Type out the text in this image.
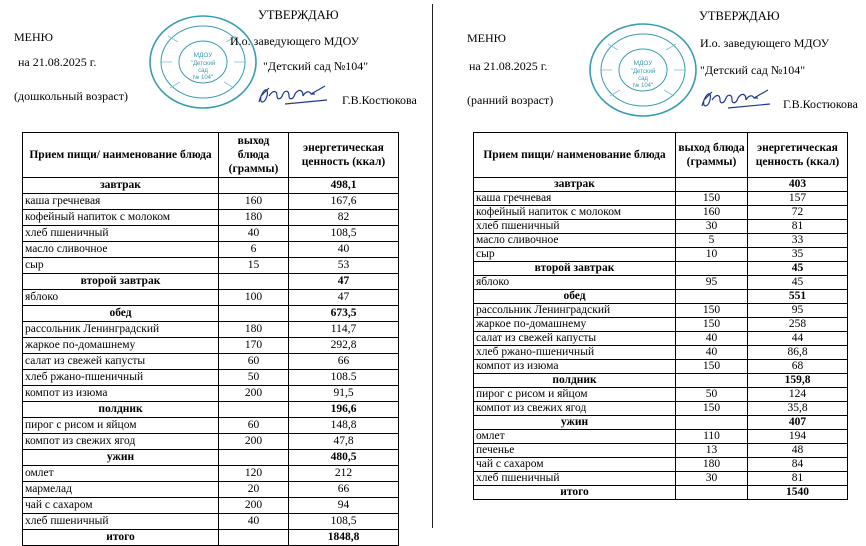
МЕНЮ
на 21.08.2025 г.
(дошкольный возраст)
МДОУ
"Детский
сад
№ 104"
УТВЕРЖДАЮ
И.о. заведующего МДОУ
"Детский сад №104"
Г.В.Костюкова
Прием пищи/ наименование блюда	выход блюда (граммы)	энергетическая ценность (ккал)
завтрак		498,1
каша гречневая	160	167,6
кофейный напиток с молоком	180	82
хлеб пшеничный	40	108,5
масло сливочное	6	40
сыр	15	53
второй завтрак		47
яблоко	100	47
обед		673,5
рассольник Ленинградский	180	114,7
жаркое по-домашнему	170	292,8
салат из свежей капусты	60	66
хлеб ржано-пшеничный	50	108.5
компот из изюма	200	91,5
полдник		196,6
пирог с рисом и яйцом	60	148,8
компот из свежих ягод	200	47,8
ужин		480,5
омлет	120	212
мармелад	20	66
чай с сахаром	200	94
хлеб пшеничный	40	108,5
итого		1848,8
МЕНЮ
на 21.08.2025 г.
(ранний возраст)
МДОУ
"Детский
сад
№ 104"
УТВЕРЖДАЮ
И.о. заведующего МДОУ
"Детский сад №104"
Г.В.Костюкова
Прием пищи/ наименование блюда	выход блюда (граммы)	энергетическая ценность (ккал)
завтрак		403
каша гречневая	150	157
кофейный напиток с молоком	160	72
хлеб пшеничный	30	81
масло сливочное	5	33
сыр	10	35
второй завтрак		45
яблоко	95	45
обед		551
рассольник Ленинградский	150	95
жаркое по-домашнему	150	258
салат из свежей капусты	40	44
хлеб ржано-пшеничный	40	86,8
компот из изюма	150	68
полдник		159,8
пирог с рисом и яйцом	50	124
компот из свежих ягод	150	35,8
ужин		407
омлет	110	194
печенье	13	48
чай с сахаром	180	84
хлеб пшеничный	30	81
итого		1540
